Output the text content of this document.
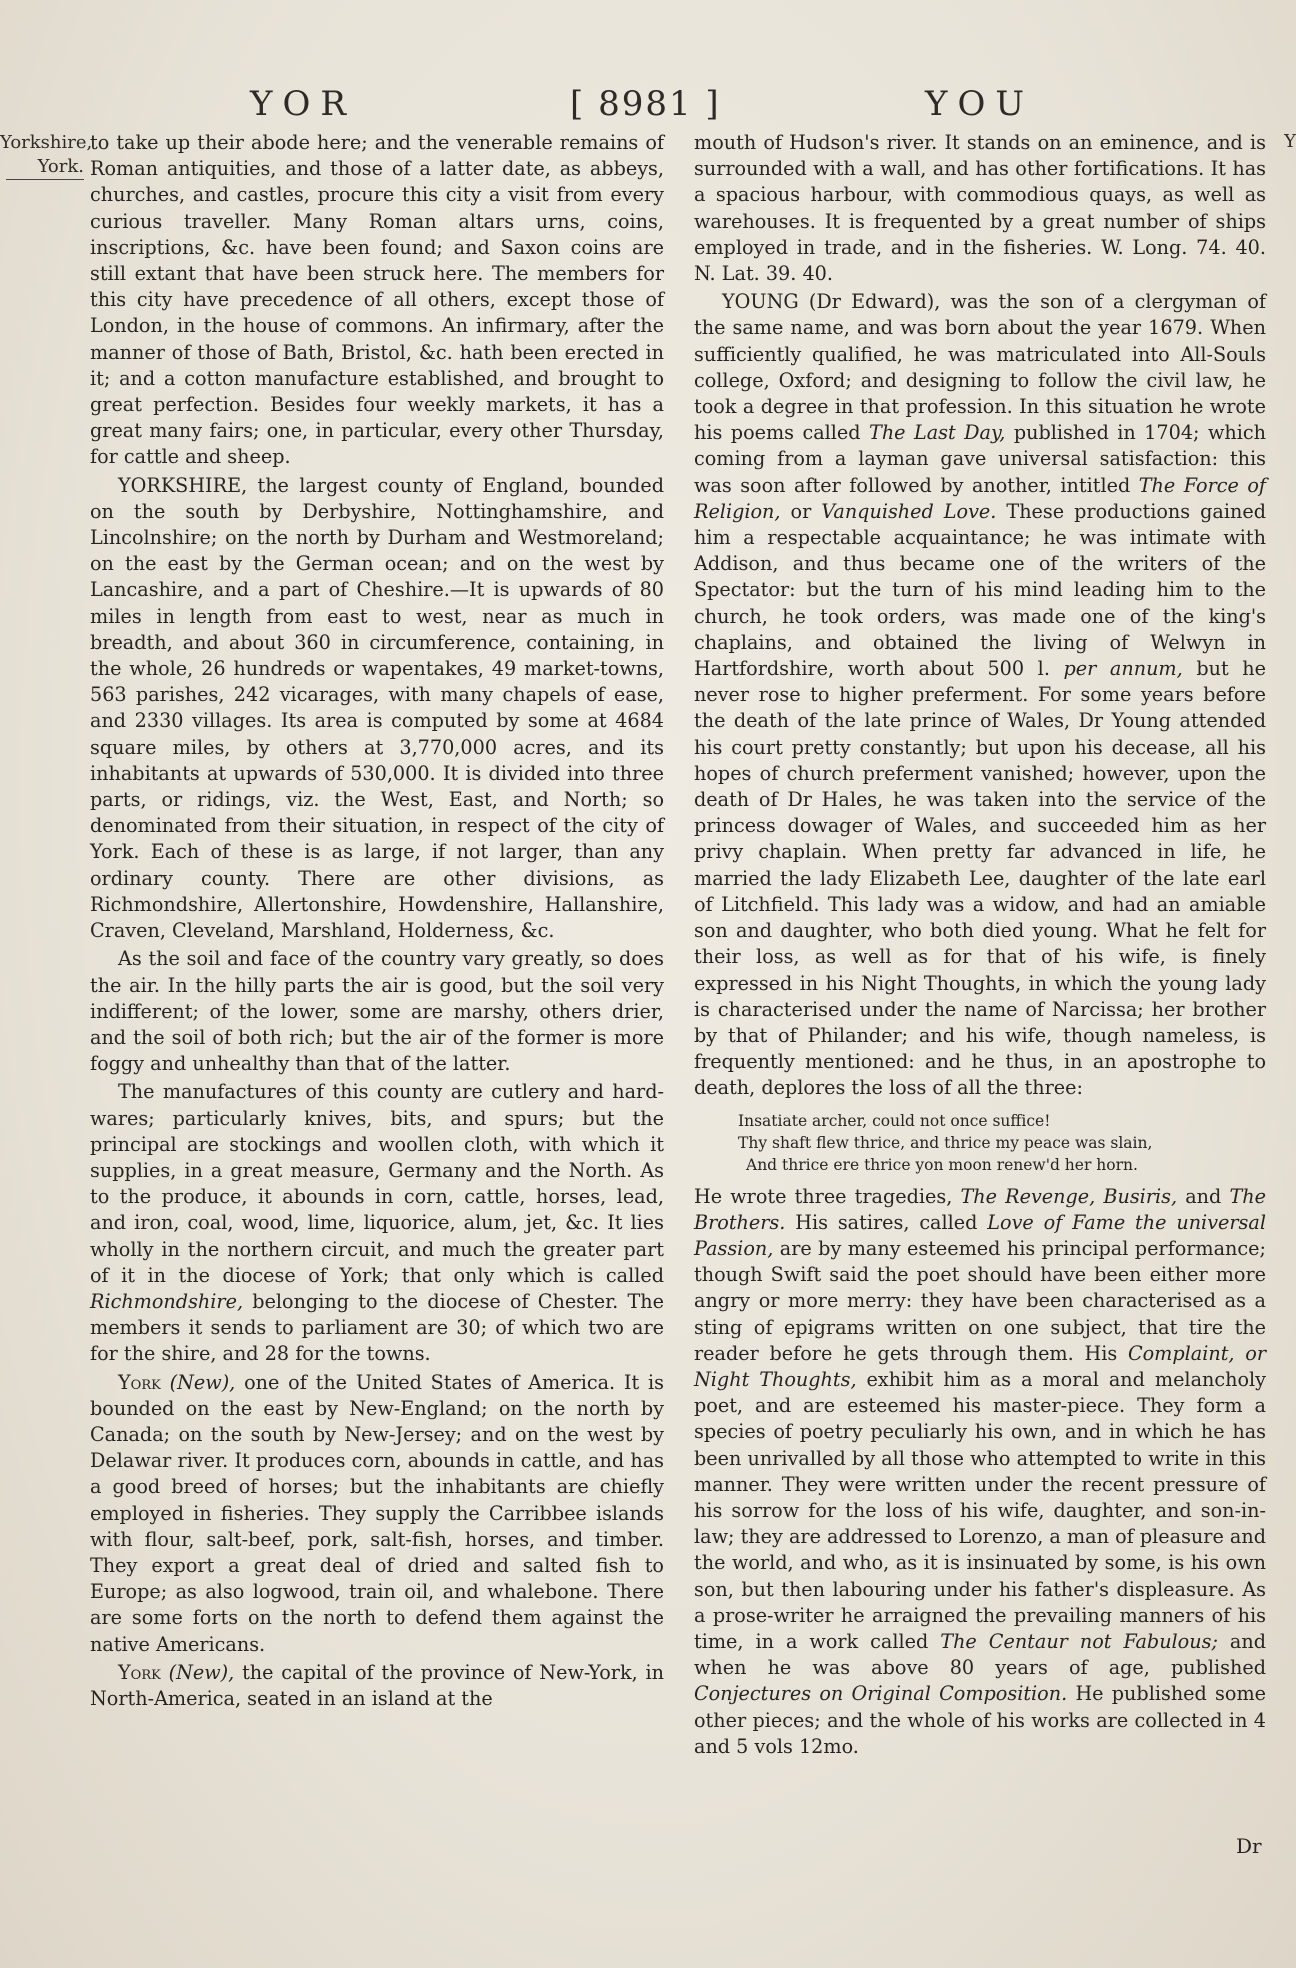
YOR	[ 8981 ]	YOU
Yorkshire,
York.
Y

to take up their abode here; and the venerable remains of Roman antiquities, and those of a latter date, as abbeys, churches, and castles, procure this city a visit from every curious traveller. Many Roman altars urns, coins, inscriptions, &c. have been found; and Saxon coins are still extant that have been struck here. The members for this city have precedence of all others, except those of London, in the house of commons. An infirmary, after the manner of those of Bath, Bristol, &c. hath been erected in it; and a cotton manufacture established, and brought to great perfection. Besides four weekly markets, it has a great many fairs; one, in particular, every other Thursday, for cattle and sheep.

YORKSHIRE, the largest county of England, bounded on the south by Derbyshire, Nottinghamshire, and Lincolnshire; on the north by Durham and Westmoreland; on the east by the German ocean; and on the west by Lancashire, and a part of Cheshire.—It is upwards of 80 miles in length from east to west, near as much in breadth, and about 360 in circumference, containing, in the whole, 26 hundreds or wapentakes, 49 market-towns, 563 parishes, 242 vicarages, with many chapels of ease, and 2330 villages. Its area is computed by some at 4684 square miles, by others at 3,770,000 acres, and its inhabitants at upwards of 530,000. It is divided into three parts, or ridings, viz. the West, East, and North; so denominated from their situation, in respect of the city of York. Each of these is as large, if not larger, than any ordinary county. There are other divisions, as Richmondshire, Allertonshire, Howdenshire, Hallanshire, Craven, Cleveland, Marshland, Holderness, &c.

As the soil and face of the country vary greatly, so does the air. In the hilly parts the air is good, but the soil very indifferent; of the lower, some are marshy, others drier, and the soil of both rich; but the air of the former is more foggy and unhealthy than that of the latter.

The manufactures of this county are cutlery and hard-wares; particularly knives, bits, and spurs; but the principal are stockings and woollen cloth, with which it supplies, in a great measure, Germany and the North. As to the produce, it abounds in corn, cattle, horses, lead, and iron, coal, wood, lime, liquorice, alum, jet, &c. It lies wholly in the northern circuit, and much the greater part of it in the diocese of York; that only which is called Richmondshire, belonging to the diocese of Chester. The members it sends to parliament are 30; of which two are for the shire, and 28 for the towns.

York (New), one of the United States of America. It is bounded on the east by New-England; on the north by Canada; on the south by New-Jersey; and on the west by Delawar river. It produces corn, abounds in cattle, and has a good breed of horses; but the inhabitants are chiefly employed in fisheries. They supply the Carribbee islands with flour, salt-beef, pork, salt-fish, horses, and timber. They export a great deal of dried and salted fish to Europe; as also logwood, train oil, and whalebone. There are some forts on the north to defend them against the native Americans.

York (New), the capital of the province of New-York, in North-America, seated in an island at the

mouth of Hudson's river. It stands on an eminence, and is surrounded with a wall, and has other fortifications. It has a spacious harbour, with commodious quays, as well as warehouses. It is frequented by a great number of ships employed in trade, and in the fisheries. W. Long. 74. 40. N. Lat. 39. 40.

YOUNG (Dr Edward), was the son of a clergyman of the same name, and was born about the year 1679. When sufficiently qualified, he was matriculated into All-Souls college, Oxford; and designing to follow the civil law, he took a degree in that profession. In this situation he wrote his poems called The Last Day, published in 1704; which coming from a layman gave universal satisfaction: this was soon after followed by another, intitled The Force of Religion, or Vanquished Love. These productions gained him a respectable acquaintance; he was intimate with Addison, and thus became one of the writers of the Spectator: but the turn of his mind leading him to the church, he took orders, was made one of the king's chaplains, and obtained the living of Welwyn in Hartfordshire, worth about 500 l. per annum, but he never rose to higher preferment. For some years before the death of the late prince of Wales, Dr Young attended his court pretty constantly; but upon his decease, all his hopes of church preferment vanished; however, upon the death of Dr Hales, he was taken into the service of the princess dowager of Wales, and succeeded him as her privy chaplain. When pretty far advanced in life, he married the lady Elizabeth Lee, daughter of the late earl of Litchfield. This lady was a widow, and had an amiable son and daughter, who both died young. What he felt for their loss, as well as for that of his wife, is finely expressed in his Night Thoughts, in which the young lady is characterised under the name of Narcissa; her brother by that of Philander; and his wife, though nameless, is frequently mentioned: and he thus, in an apostrophe to death, deplores the loss of all the three:

Insatiate archer, could not once suffice!
Thy shaft flew thrice, and thrice my peace was slain,
And thrice ere thrice yon moon renew'd her horn.

He wrote three tragedies, The Revenge, Busiris, and The Brothers. His satires, called Love of Fame the universal Passion, are by many esteemed his principal performance; though Swift said the poet should have been either more angry or more merry: they have been characterised as a sting of epigrams written on one subject, that tire the reader before he gets through them. His Complaint, or Night Thoughts, exhibit him as a moral and melancholy poet, and are esteemed his master-piece. They form a species of poetry peculiarly his own, and in which he has been unrivalled by all those who attempted to write in this manner. They were written under the recent pressure of his sorrow for the loss of his wife, daughter, and son-in-law; they are addressed to Lorenzo, a man of pleasure and the world, and who, as it is insinuated by some, is his own son, but then labouring under his father's displeasure. As a prose-writer he arraigned the prevailing manners of his time, in a work called The Centaur not Fabulous; and when he was above 80 years of age, published Conjectures on Original Composition. He published some other pieces; and the whole of his works are collected in 4 and 5 vols 12mo.

Dr
